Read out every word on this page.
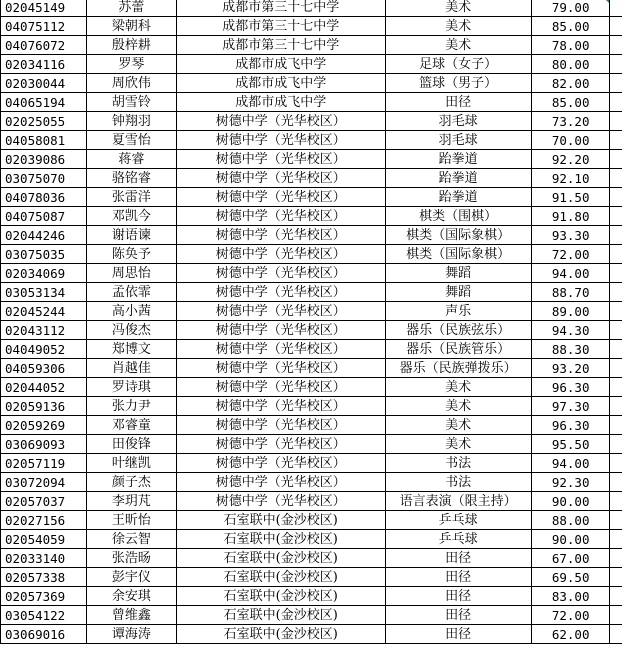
02045149	苏蕾	成都市第三十七中学	美术	79.00

04075112	梁朝科	成都市第三十七中学	美术	85.00	
04076072	殷梓耕	成都市第三十七中学	美术	78.00	
02034116	罗琴	成都市成飞中学	足球（女子）	80.00	
02030044	周欣伟	成都市成飞中学	篮球（男子）	82.00	
04065194	胡雪铃	成都市成飞中学	田径	85.00	
02025055	钟翔羽	树德中学（光华校区）	羽毛球	73.20	
04058081	夏雪怡	树德中学（光华校区）	羽毛球	70.00	
02039086	蒋睿	树德中学（光华校区）	跆拳道	92.20	
03075070	骆铭睿	树德中学（光华校区）	跆拳道	92.10	
04078036	张雷洋	树德中学（光华校区）	跆拳道	91.50	
04075087	邓凯今	树德中学（光华校区）	棋类（围棋）	91.80	
02044246	谢语谏	树德中学（光华校区）	棋类（国际象棋）	93.30	
03075035	陈奂予	树德中学（光华校区）	棋类（国际象棋）	72.00	
02034069	周思怡	树德中学（光华校区）	舞蹈	94.00	
03053134	孟依霏	树德中学（光华校区）	舞蹈	88.70	
02045244	高小茜	树德中学（光华校区）	声乐	89.00	
02043112	冯俊杰	树德中学（光华校区）	器乐（民族弦乐）	94.30	
04049052	郑博文	树德中学（光华校区）	器乐（民族管乐）	88.30	
04059306	肖越佳	树德中学（光华校区）	器乐（民族弹拨乐）	93.20	
02044052	罗诗琪	树德中学（光华校区）	美术	96.30	
02059136	张力尹	树德中学（光华校区）	美术	97.30	
02059269	邓睿童	树德中学（光华校区）	美术	96.30	
03069093	田俊锋	树德中学（光华校区）	美术	95.50	
02057119	叶继凯	树德中学（光华校区）	书法	94.00	
03072094	颜子杰	树德中学（光华校区）	书法	92.30	
02057037	李玥芃	树德中学（光华校区）	语言表演（限主持）	90.00	
02027156	王昕怡	石室联中(金沙校区)	乒乓球	88.00	
02054059	徐云智	石室联中(金沙校区)	乒乓球	90.00	
02033140	张浩旸	石室联中(金沙校区)	田径	67.00	
02057338	彭宇仪	石室联中(金沙校区)	田径	69.50	
02057369	余安琪	石室联中(金沙校区)	田径	83.00	
03054122	曾维鑫	石室联中(金沙校区)	田径	72.00	
03069016	谭海涛	石室联中(金沙校区)	田径	62.00	
